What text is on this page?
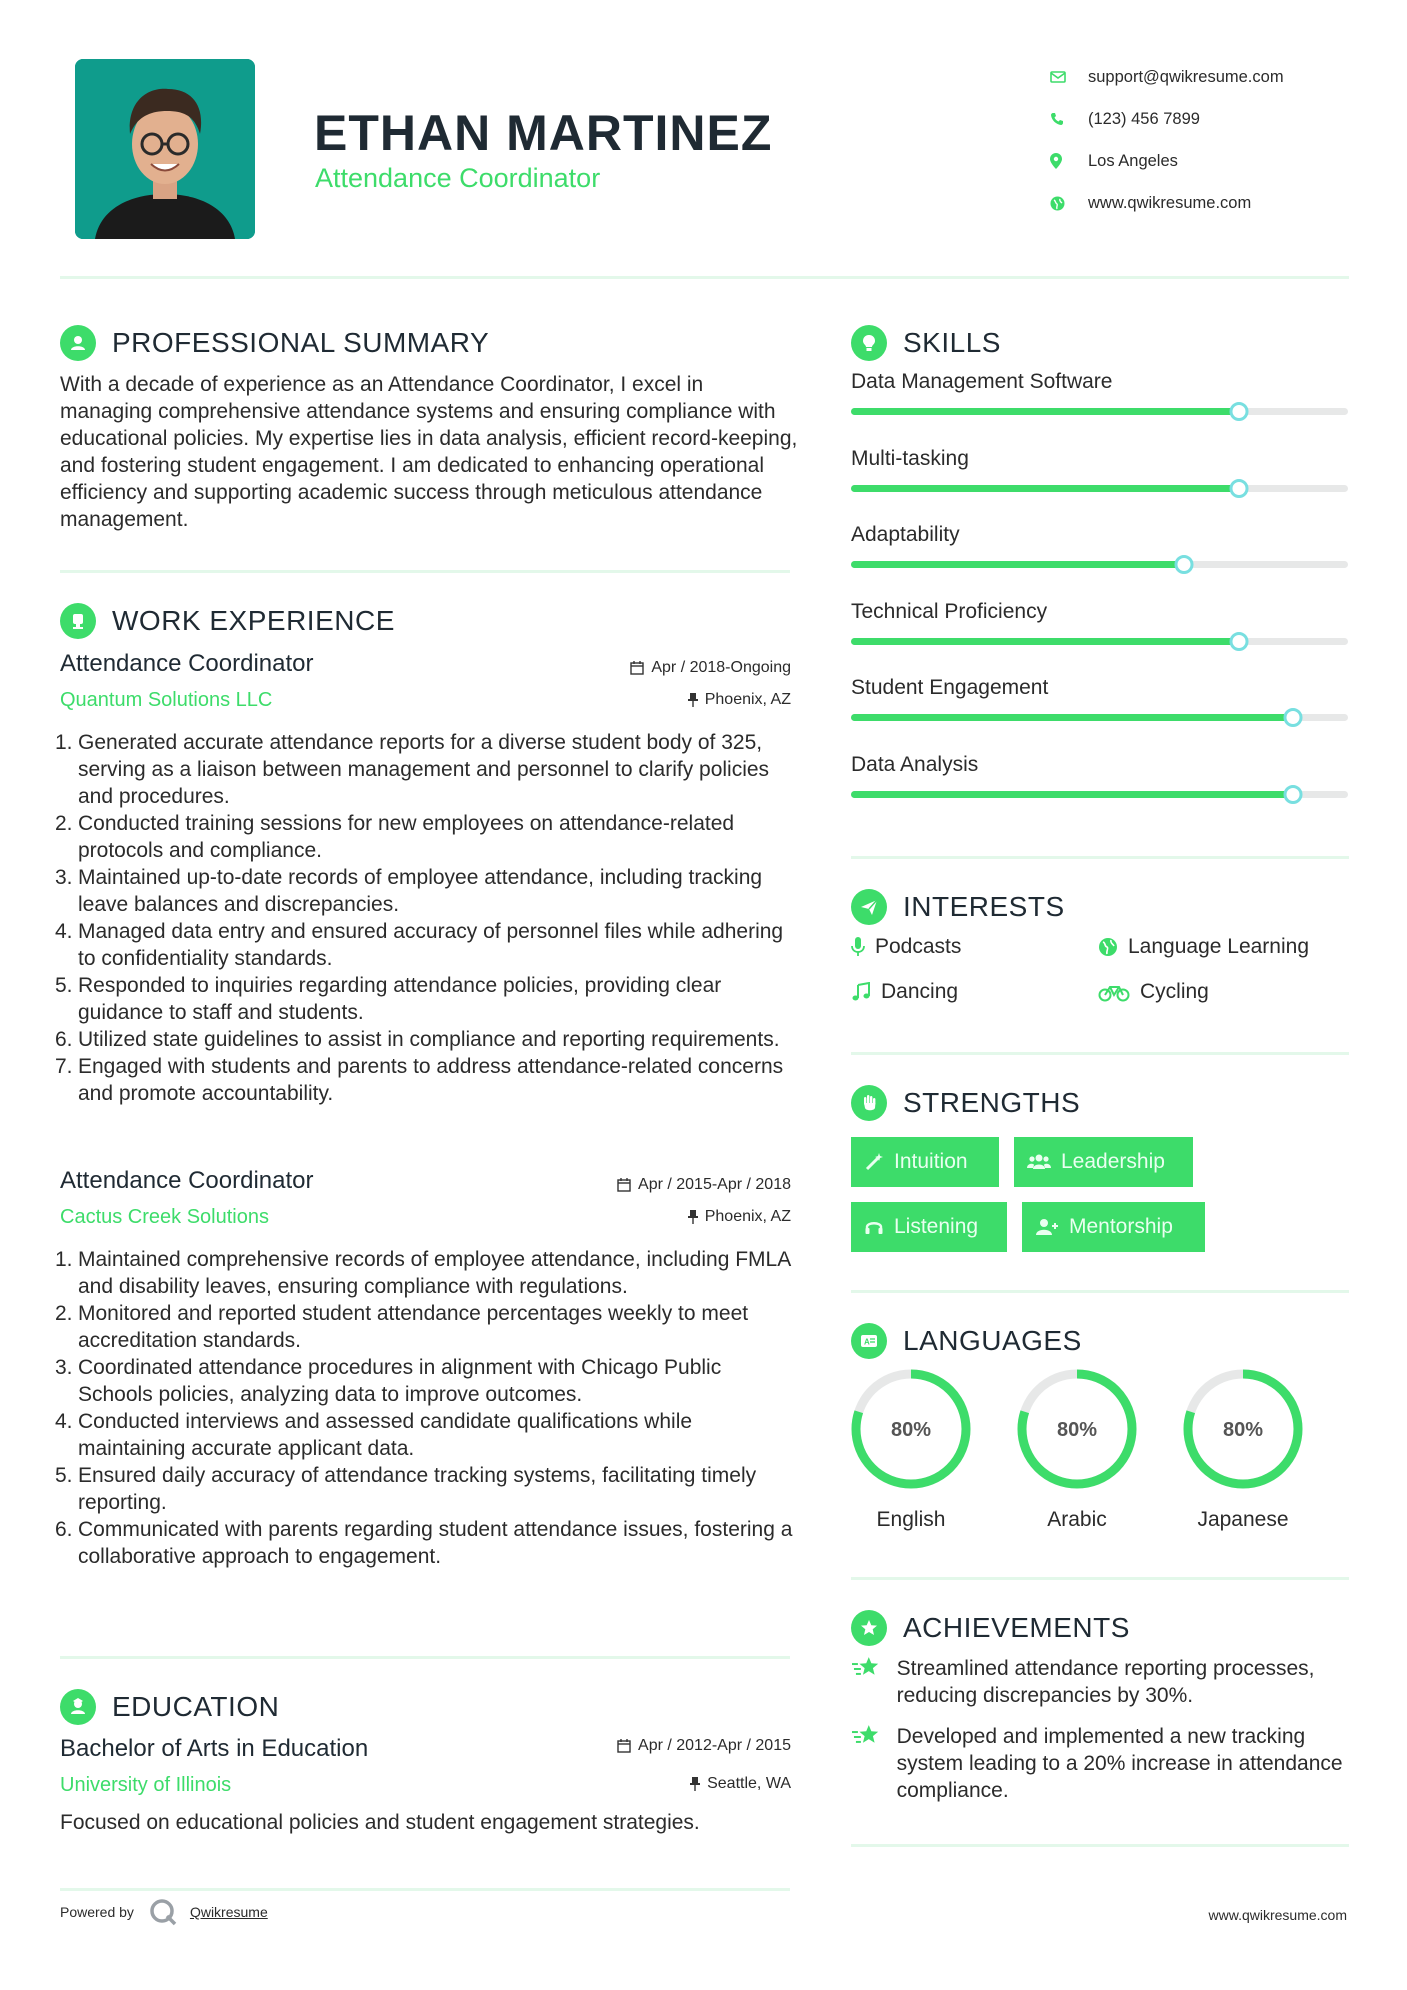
ETHAN MARTINEZ
Attendance Coordinator
support@qwikresume.com
(123) 456 7899
Los Angeles
www.qwikresume.com
PROFESSIONAL SUMMARY
With a decade of experience as an Attendance Coordinator, I excel in managing comprehensive attendance systems and ensuring compliance with educational policies. My expertise lies in data analysis, efficient record-keeping, and fostering student engagement. I am dedicated to enhancing operational efficiency and supporting academic success through meticulous attendance management.
WORK EXPERIENCE
Attendance Coordinator
Quantum Solutions LLC
Apr / 2018-Ongoing
Phoenix, AZ
1. Generated accurate attendance reports for a diverse student body of 325, serving as a liaison between management and personnel to clarify policies and procedures.
2. Conducted training sessions for new employees on attendance-related protocols and compliance.
3. Maintained up-to-date records of employee attendance, including tracking leave balances and discrepancies.
4. Managed data entry and ensured accuracy of personnel files while adhering to confidentiality standards.
5. Responded to inquiries regarding attendance policies, providing clear guidance to staff and students.
6. Utilized state guidelines to assist in compliance and reporting requirements.
7. Engaged with students and parents to address attendance-related concerns and promote accountability.
Attendance Coordinator
Cactus Creek Solutions
Apr / 2015-Apr / 2018
Phoenix, AZ
1. Maintained comprehensive records of employee attendance, including FMLA and disability leaves, ensuring compliance with regulations.
2. Monitored and reported student attendance percentages weekly to meet accreditation standards.
3. Coordinated attendance procedures in alignment with Chicago Public Schools policies, analyzing data to improve outcomes.
4. Conducted interviews and assessed candidate qualifications while maintaining accurate applicant data.
5. Ensured daily accuracy of attendance tracking systems, facilitating timely reporting.
6. Communicated with parents regarding student attendance issues, fostering a collaborative approach to engagement.
EDUCATION
Bachelor of Arts in Education
University of Illinois
Apr / 2012-Apr / 2015
Seattle, WA
Focused on educational policies and student engagement strategies.
SKILLS
Data Management Software
Multi-tasking
Adaptability
Technical Proficiency
Student Engagement
Data Analysis
INTERESTS
Podcasts	Language Learning
Dancing	Cycling
STRENGTHS
Intuition	Leadership
Listening	Mentorship
A LANGUAGES
80%
English
80%
Arabic
80%
Japanese
ACHIEVEMENTS
Streamlined attendance reporting processes, reducing discrepancies by 30%.
Developed and implemented a new tracking system leading to a 20% increase in attendance compliance.
Powered by	Qwikresume	www.qwikresume.com
